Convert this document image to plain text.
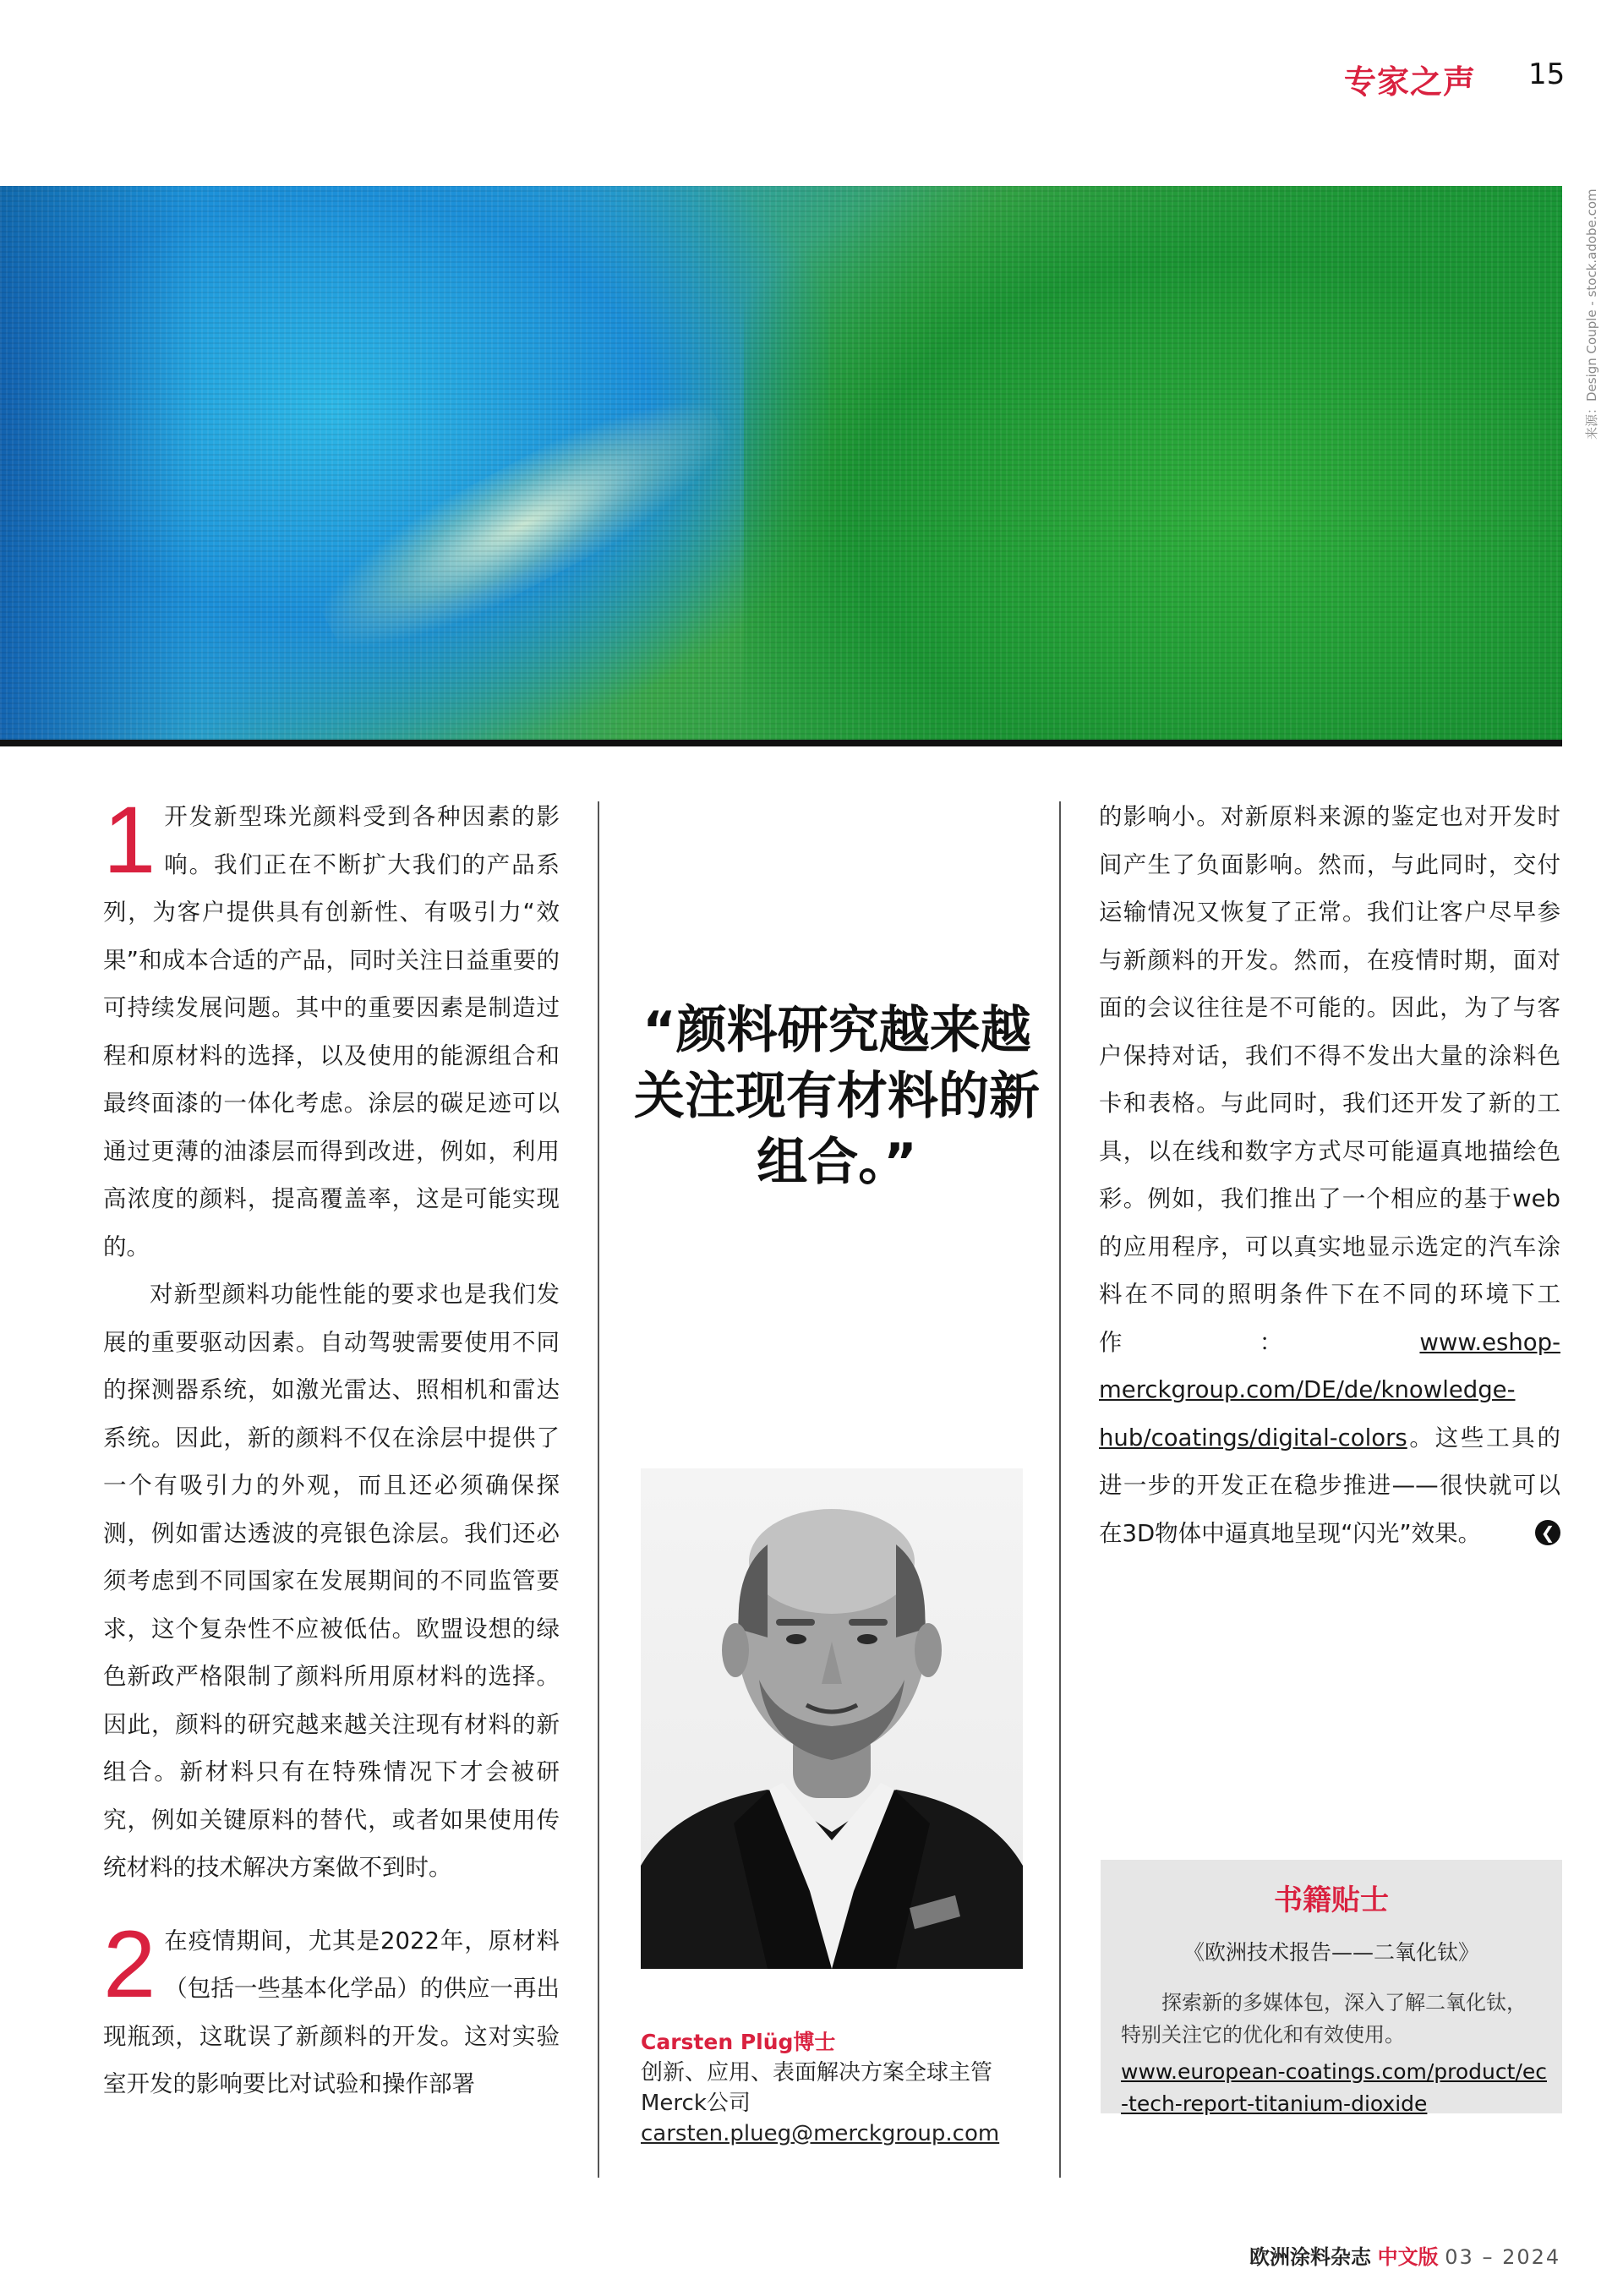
专家之声 15
来源：Design Couple - stock.adobe.com

1 开发新型珠光颜料受到各种因素的影响。我们正在不断扩大我们的产品系列，为客户提供具有创新性、有吸引力“效果”和成本合适的产品，同时关注日益重要的可持续发展问题。其中的重要因素是制造过程和原材料的选择，以及使用的能源组合和最终面漆的一体化考虑。涂层的碳足迹可以通过更薄的油漆层而得到改进，例如，利用高浓度的颜料，提高覆盖率，这是可能实现的。

对新型颜料功能性能的要求也是我们发展的重要驱动因素。自动驾驶需要使用不同的探测器系统，如激光雷达、照相机和雷达系统。因此，新的颜料不仅在涂层中提供了一个有吸引力的外观，而且还必须确保探测，例如雷达透波的亮银色涂层。我们还必须考虑到不同国家在发展期间的不同监管要求，这个复杂性不应被低估。欧盟设想的绿色新政严格限制了颜料所用原材料的选择。因此，颜料的研究越来越关注现有材料的新组合。新材料只有在特殊情况下才会被研究，例如关键原料的替代，或者如果使用传统材料的技术解决方案做不到时。

2 在疫情期间，尤其是2022年，原材料（包括一些基本化学品）的供应一再出现瓶颈，这耽误了新颜料的开发。这对实验室开发的影响要比对试验和操作部署

“颜料研究越来越关注现有材料的新组合。”
Carsten Plüg博士
创新、应用、表面解决方案全球主管
Merck公司
carsten.plueg@merckgroup.com

的影响小。对新原料来源的鉴定也对开发时间产生了负面影响。然而，与此同时，交付运输情况又恢复了正常。我们让客户尽早参与新颜料的开发。然而，在疫情时期，面对面的会议往往是不可能的。因此，为了与客户保持对话，我们不得不发出大量的涂料色卡和表格。与此同时，我们还开发了新的工具，以在线和数字方式尽可能逼真地描绘色彩。例如，我们推出了一个相应的基于web的应用程序，可以真实地显示选定的汽车涂料在不同的照明条件下在不同的环境下工作：www.eshop-merckgroup.com/DE/de/knowledge-hub/coatings/digital-colors。这些工具的进一步的开发正在稳步推进——很快就可以在3D物体中逼真地呈现“闪光”效果。	❮

书籍贴士
《欧洲技术报告——二氧化钛》
探索新的多媒体包，深入了解二氧化钛，特别关注它的优化和有效使用。
www.european-coatings.com/product/ec-tech-report-titanium-dioxide
欧洲涂料杂志 中文版 03 – 2024
